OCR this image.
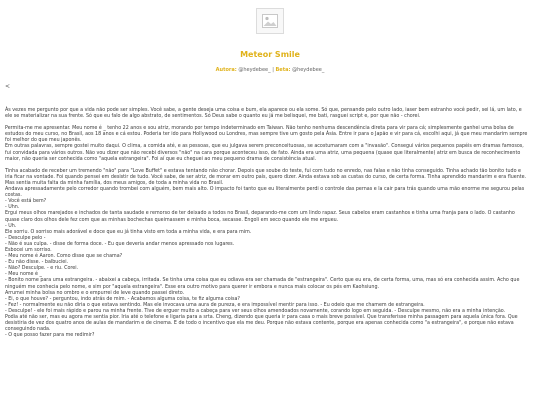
Meteor Smile
Autora: @heydebee_ | Beta: @heydebee_
<

Às vezes me pergunto por que a vida não pode ser simples. Você sabe, a gente deseja uma coisa e bum, ela aparece ou ela some. Só que, pensando pelo outro lado, iaser bem estranho você pedir, sei lá, um lato, e ele se materializar na sua frente. Só que eu falo de algo abstrato, de sentimentos. Só Deus sabe o quanto eu já me belisquei, me bati, rasguei script e, por que não - chorei.

Permita-me me apresentar. Meu nome é _ tenho 22 anos e sou atriz, morando por tempo indeterminado em Taiwan. Não tenho nenhuma descendência direta para vir para cá; simplesmente ganhei uma bolsa de estudos do meu curso, no Brasil, aos 18 anos e cá estou. Poderia ter ido para Hollywood ou Londres, mas sempre tive um gosto pela Ásia. Entre ir para o Japão e vir para cá, escolhi aqui, já que meu mandarim sempre foi melhor do que meu japonês.

Em outras palavras, sempre gostei muito daqui. O clima, a comida até, e as pessoas, que eu julgava serem preconceituosas, se acostumaram com a "invasão". Consegui vários pequenos papéis em dramas famosos, fui convidada para vários outros. Não vou dizer que não recebi diversos "não" na cara porque aconteceu isso, de fato. Ainda era uma atriz, uma pequena (quase que literalmente) atriz em busca de reconhecimento maior, não queria ser conhecida como "aquela estrangeira". Foi aí que eu cheguei ao meu pequeno drama de consistência atual.

Tinha acabado de receber um tremendo "não" para "Love Buffet" e estava tentando não chorar. Depois que soube do teste, fui com tudo no enredo, nas falas e não tinha conseguido. Tinha achado tão bonito tudo e iria ficar na vontade. Foi quando pensei em desistir de tudo. Você sabe, de ser atriz, de morar em outro país, quero dizer. Ainda estava sob as custas do curso, de certa forma. Tinha aprendido mandarim e era fluente. Mas sentia muita falta da minha família, dos meus amigos, de toda a minha vida no Brasil.

Andava apressadamente pelo corredor quando trombei com alguém, bem mais alto. O impacto foi tanto que eu literalmente perdi o controle das pernas e la cair para trás quando uma mão enorme me segurou pelas costas.

- Você está bem?

- Uhn.

Ergui meus olhos marejados e inchados de tanta saudade e remorso de ter deixado a todos no Brasil, deparando-me com um lindo rapaz. Seus cabelos eram castanhos e tinha uma franja para o lado. O castanho quase claro dos olhos dele fez com que as minhas bochechas queimassem e minha boca, secasse. Engoli em seco quando ele me ergueu.

- Uh.

Ele sorriu. O sorriso mais adorável e doce que eu já tinha visto em toda a minha vida, e era para mim.

- Desculpe pelo -

- Não é sua culpa. - disse de forma doce. - Eu que deveria andar menos apressado nos lugares.

Esbocei um sorriso.

- Meu nome é Aaron. Como disse que se chama?

- Eu não disse. - balbuciei.

- Não? Desculpe. - e riu. Corei.

- Meu nome é _

- Bonito nome para uma estrangeira. - abaixei a cabeça, irritada. Se tinha uma coisa que eu odiava era ser chamada de "estrangeira". Certo que eu era, de certa forma, uma, mas só era conhecida assim. Acho que ninguém me conhecia pelo nome, e sim por "aquela estrangeira". Esse era outro motivo para querer ir embora e nunca mais colocar os pés em Kaohsiung.

Arrumei minha bolsa no ombro e o empurrei de leve quando passei direto.

- Ei, o que houve? - perguntou, indo atrás de mim. - Acabamos alguma coisa, te fiz alguma coisa?

- Fez! - normalmente eu não diria o que estava sentindo. Mas ele invocava uma aura de pureza, e era impossível mentir para isso. - Eu odeio que me chamem de estrangeira.

- Desculpe! - ele foi mais rápido e parou na minha frente. Tive de erguer muito a cabeça para ver seus olhos amendoados novamente, corando logo em seguida. - Desculpe mesmo, não era a minha intenção.

Podia até não ser, mas eu agora me sentia pior. Iria até o telefone e ligaria para a srta. Cheng, dizendo que queria ir para casa o mais breve possível. Que transferisse minha passagem para aquela única fora. Que desistiria de vez dos quatro anos de aulas de mandarim e de cinema. E de todo o incentivo que ela me deu. Porque não estava contente, porque era apenas conhecida como "a estrangeira", e porque não estava conseguindo nada.

- O que posso fazer para me redimir?
